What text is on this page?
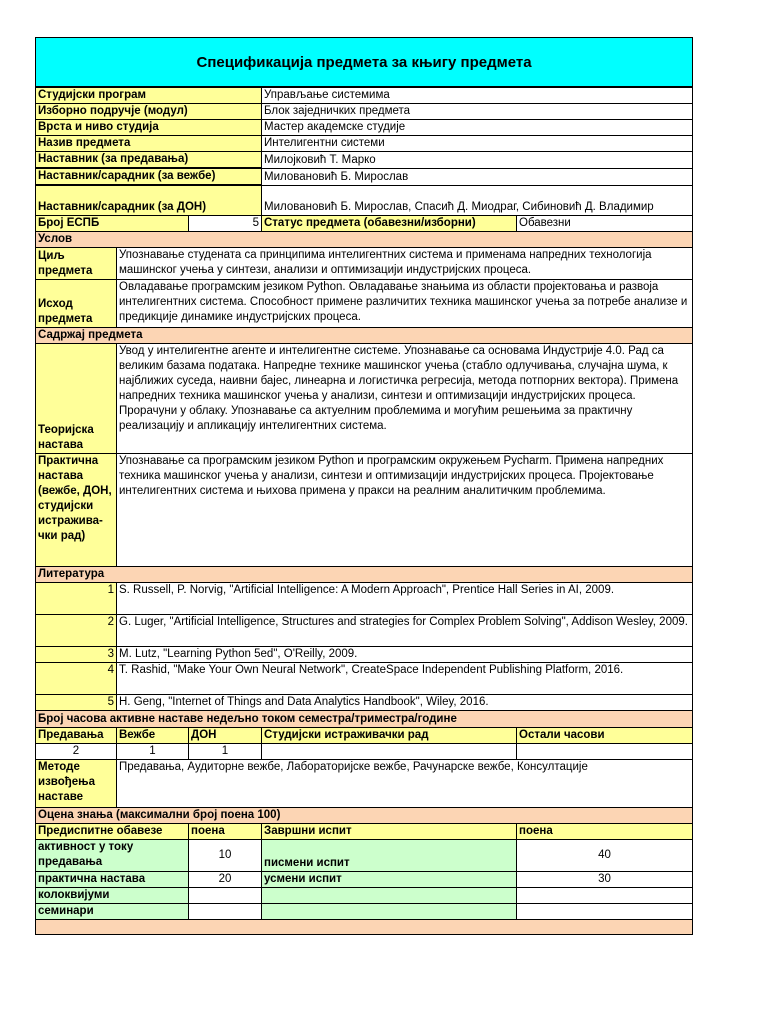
Спецификација предмета за књигу предмета				
Студијски програм			Управљање системима	
Изборно подручје (модул)			Блок заједничких предмета	
Врста и ниво студија			Мастер академске студије	
Назив предмета			Интелигентни системи	
Наставник (за предавања)			Милојковић Т. Марко	
Наставник/сарадник (за вежбе)			Миловановић Б. Мирослав	
Наставник/сарадник (за ДОН)			Миловановић Б. Мирослав, Спасић Д. Миодраг, Сибиновић Д. Владимир	
Број ЕСПБ		5	Статус предмета (обавезни/изборни)	Обавезни
Услов				
Циљ предмета	Упознавање студената са принципима интелигентних система и применама напредних технологија машинског учења у синтези, анализи и оптимизацији индустријских процеса.			
Исход предмета	Овладавање програмским језиком Python. Овладавање знањима из области пројектовања и развоја интелигентних система. Способност примене различитих техника машинског учења за потребе анализе и предикције динамике индустријских процеса.			
Садржај предмета				
Теоријска настава	Увод у интелигентне агенте и интелигентне системе. Упознавање са основама Индустрије 4.0. Рад са великим базама података. Напредне технике машинског учења (стабло одлучивања, случајна шума, к најближих суседа, наивни бајес, линеарна и логистичка регресија, метода потпорних вектора). Примена напредних техника машинског учења у анализи, синтези и оптимизацији индустријских процеса. Прорачуни у облаку. Упознавање са актуелним проблемима и могућим решењима за практичну реализацију и апликацију интелигентних система.			
Практична настава (вежбе, ДОН, студијски истражива-чки рад)	Упознавање са програмским језиком Python и програмским окружењем Pycharm. Примена напредних техника машинског учења у анализи, синтези и оптимизацији индустријских процеса. Пројектовање интелигентних система и њихова примена у пракси на реалним аналитичким проблемима.			
Литература				
1	S. Russell, P. Norvig, "Artificial Intelligence: A Modern Approach", Prentice Hall Series in AI, 2009.			
2	G. Luger, "Artificial Intelligence, Structures and strategies for Complex Problem Solving", Addison Wesley, 2009.			
3	M. Lutz, "Learning Python 5ed", O'Reilly, 2009.			
4	T. Rashid, "Make Your Own Neural Network", CreateSpace Independent Publishing Platform, 2016.			
5	H. Geng, "Internet of Things and Data Analytics Handbook", Wiley, 2016.			
Број часова активне наставе недељно током семестра/триместра/године				
Предавања	Вежбе	ДОН	Студијски истраживачки рад	Остали часови
2	1	1		
Методе извођења наставе	Предавања, Аудиторне вежбе, Лабораторијске вежбе, Рачунарске вежбе, Консултације			
Оцена знања (максимални број поена 100)				
Предиспитне обавезе		поена	Завршни испит	поена
активност у току предавања		10	писмени испит	40
практична настава		20	усмени испит	30
колоквијуми				
семинари				
